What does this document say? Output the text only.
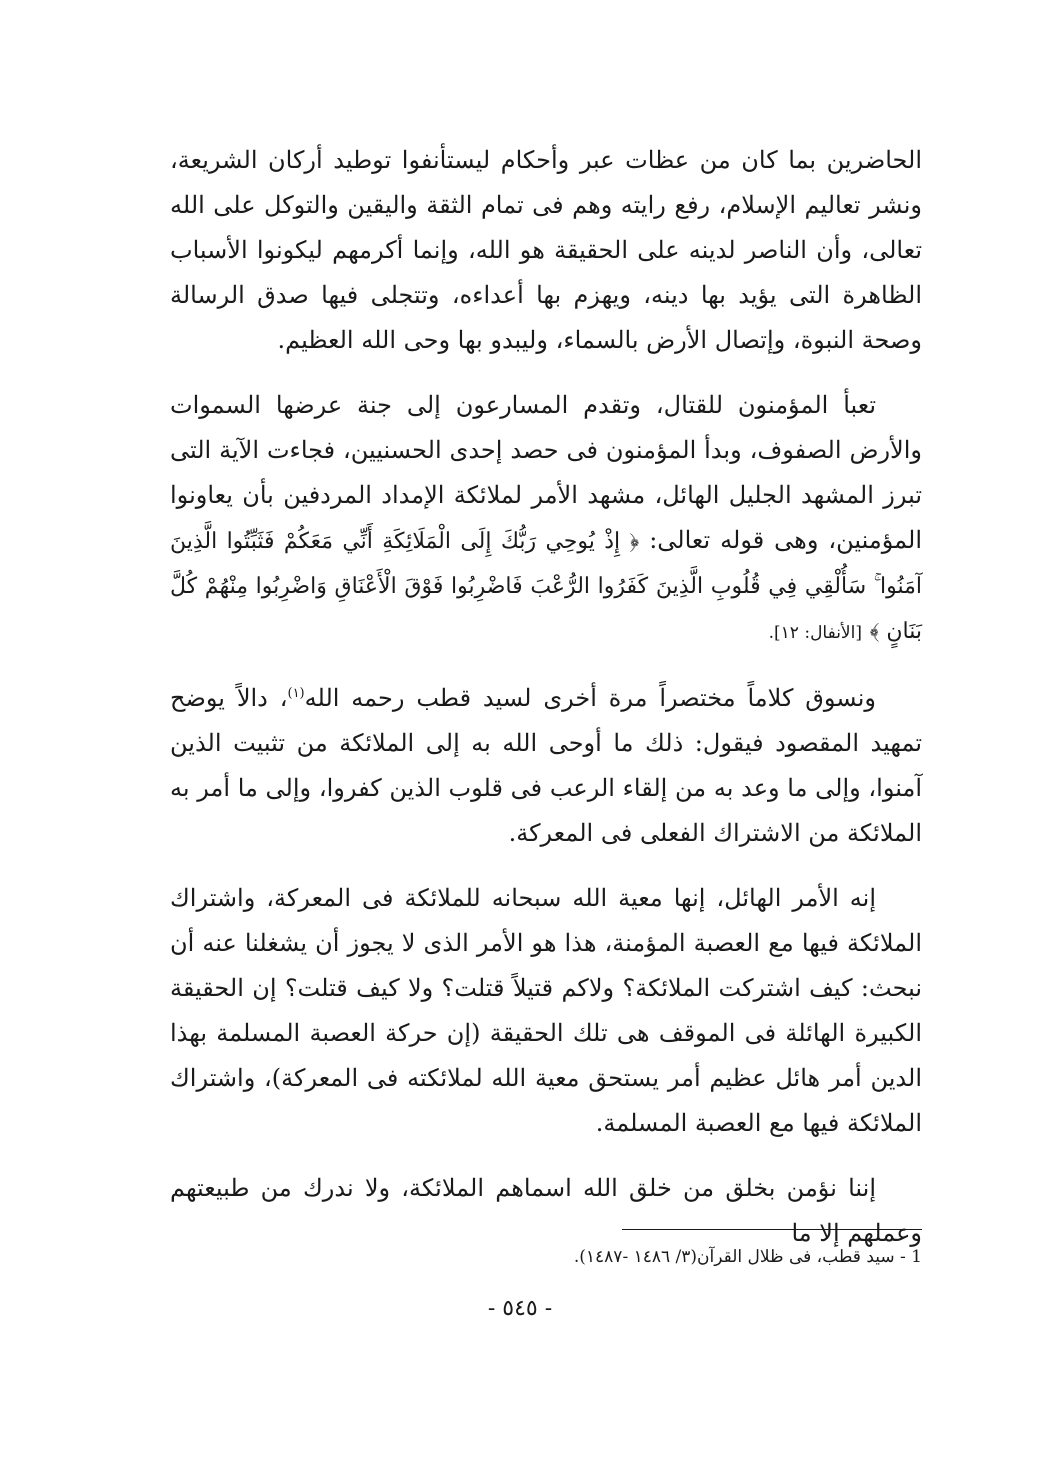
الحاضرين بما كان من عظات عبر وأحكام ليستأنفوا توطيد أركان الشريعة، ونشر تعاليم الإسلام، رفع رايته وهم فى تمام الثقة واليقين والتوكل على الله تعالى، وأن الناصر لدينه على الحقيقة هو الله، وإنما أكرمهم ليكونوا الأسباب الظاهرة التى يؤيد بها دينه، ويهزم بها أعداءه، وتتجلى فيها صدق الرسالة وصحة النبوة، وإتصال الأرض بالسماء، وليبدو بها وحى الله العظيم.

تعبأ المؤمنون للقتال، وتقدم المسارعون إلى جنة عرضها السموات والأرض الصفوف، وبدأ المؤمنون فى حصد إحدى الحسنيين، فجاءت الآية التى تبرز المشهد الجليل الهائل، مشهد الأمر لملائكة الإمداد المردفين بأن يعاونوا المؤمنين، وهى قوله تعالى: ﴿ إِذْ يُوحِي رَبُّكَ إِلَى الْمَلَائِكَةِ أَنِّي مَعَكُمْ فَثَبِّتُوا الَّذِينَ آمَنُوا ۚ سَأُلْقِي فِي قُلُوبِ الَّذِينَ كَفَرُوا الرُّعْبَ فَاضْرِبُوا فَوْقَ الْأَعْنَاقِ وَاضْرِبُوا مِنْهُمْ كُلَّ بَنَانٍ ﴾ [الأنفال: ١٢].

ونسوق كلاماً مختصراً مرة أخرى لسيد قطب رحمه الله$^{(١)}$، دالاً يوضح تمهيد المقصود فيقول: ذلك ما أوحى الله به إلى الملائكة من تثبيت الذين آمنوا، وإلى ما وعد به من إلقاء الرعب فى قلوب الذين كفروا، وإلى ما أمر به الملائكة من الاشتراك الفعلى فى المعركة.

إنه الأمر الهائل، إنها معية الله سبحانه للملائكة فى المعركة، واشتراك الملائكة فيها مع العصبة المؤمنة، هذا هو الأمر الذى لا يجوز أن يشغلنا عنه أن نبحث: كيف اشتركت الملائكة؟ ولاكم قتيلاً قتلت؟ ولا كيف قتلت؟ إن الحقيقة الكبيرة الهائلة فى الموقف هى تلك الحقيقة (إن حركة العصبة المسلمة بهذا الدين أمر هائل عظيم أمر يستحق معية الله لملائكته فى المعركة)، واشتراك الملائكة فيها مع العصبة المسلمة.

إننا نؤمن بخلق من خلق الله اسماهم الملائكة، ولا ندرك من طبيعتهم وعملهم إلا ما

1 - سيد قطب، فى ظلال القرآن(٣/ ١٤٨٦ -١٤٨٧).
- ٥٤٥ -
